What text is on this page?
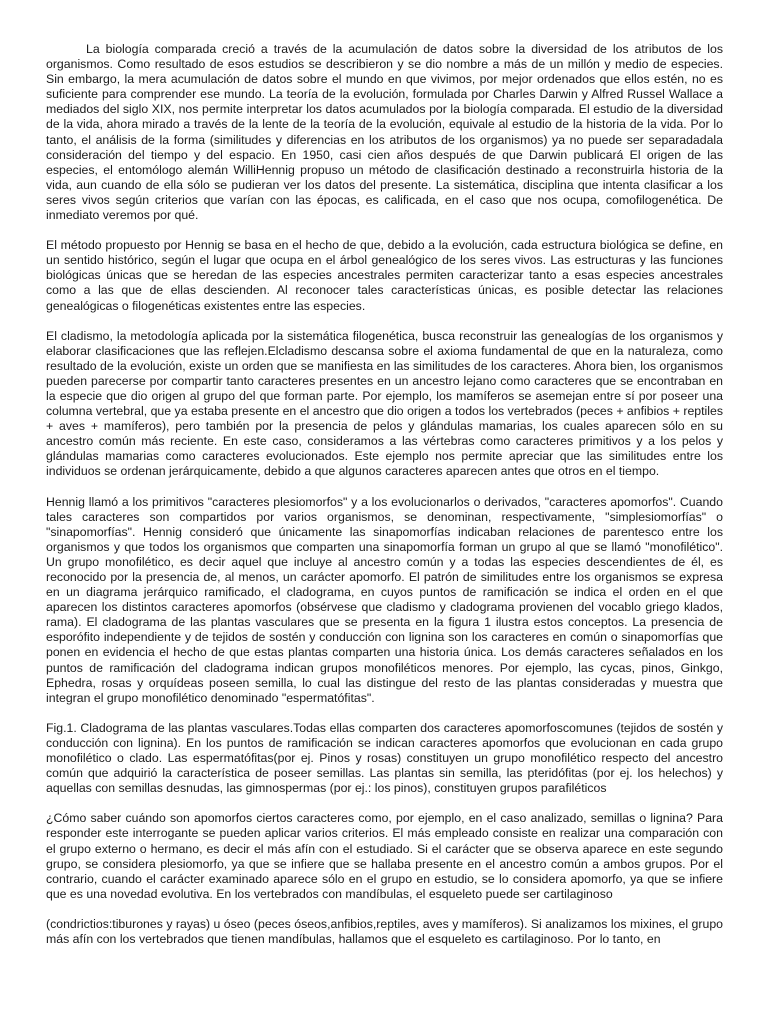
La biología comparada creció a través de la acumulación de datos sobre la diversidad de los atributos de los organismos. Como resultado de esos estudios se describieron y se dio nombre a más de un millón y medio de especies. Sin embargo, la mera acumulación de datos sobre el mundo en que vivimos, por mejor ordenados que ellos estén, no es suficiente para comprender ese mundo. La teoría de la evolución, formulada por Charles Darwin y Alfred Russel Wallace a mediados del siglo XIX, nos permite interpretar los datos acumulados por la biología comparada. El estudio de la diversidad de la vida, ahora mirado a través de la lente de la teoría de la evolución, equivale al estudio de la historia de la vida. Por lo tanto, el análisis de la forma (similitudes y diferencias en los atributos de los organismos) ya no puede ser separadadala consideración del tiempo y del espacio. En 1950, casi cien años después de que Darwin publicará El origen de las especies, el entomólogo alemán WilliHennig propuso un método de clasificación destinado a reconstruirla historia de la vida, aun cuando de ella sólo se pudieran ver los datos del presente. La sistemática, disciplina que intenta clasificar a los seres vivos según criterios que varían con las épocas, es calificada, en el caso que nos ocupa, comofilogenética. De inmediato veremos por qué.

El método propuesto por Hennig se basa en el hecho de que, debido a la evolución, cada estructura biológica se define, en un sentido histórico, según el lugar que ocupa en el árbol genealógico de los seres vivos. Las estructuras y las funciones biológicas únicas que se heredan de las especies ancestrales permiten caracterizar tanto a esas especies ancestrales como a las que de ellas descienden. Al reconocer tales características únicas, es posible detectar las relaciones genealógicas o filogenéticas existentes entre las especies.

El cladismo, la metodología aplicada por la sistemática filogenética, busca reconstruir las genealogías de los organismos y elaborar clasificaciones que las reflejen.Elcladismo descansa sobre el axioma fundamental de que en la naturaleza, como resultado de la evolución, existe un orden que se manifiesta en las similitudes de los caracteres. Ahora bien, los organismos pueden parecerse por compartir tanto caracteres presentes en un ancestro lejano como caracteres que se encontraban en la especie que dio origen al grupo del que forman parte. Por ejemplo, los mamíferos se asemejan entre sí por poseer una columna vertebral, que ya estaba presente en el ancestro que dio origen a todos los vertebrados (peces + anfibios + reptiles + aves + mamíferos), pero también por la presencia de pelos y glándulas mamarias, los cuales aparecen sólo en su ancestro común más reciente. En este caso, consideramos a las vértebras como caracteres primitivos y a los pelos y glándulas mamarias como caracteres evolucionados. Este ejemplo nos permite apreciar que las similitudes entre los individuos se ordenan jerárquicamente, debido a que algunos caracteres aparecen antes que otros en el tiempo.

Hennig llamó a los primitivos "caracteres plesiomorfos" y a los evolucionarlos o derivados, "caracteres apomorfos". Cuando tales caracteres son compartidos por varios organismos, se denominan, respectivamente, "simplesiomorfías" o "sinapomorfías". Hennig consideró que únicamente las sinapomorfías indicaban relaciones de parentesco entre los organismos y que todos los organismos que comparten una sinapomorfía forman un grupo al que se llamó "monofilético". Un grupo monofilético, es decir aquel que incluye al ancestro común y a todas las especies descendientes de él, es reconocido por la presencia de, al menos, un carácter apomorfo. El patrón de similitudes entre los organismos se expresa en un diagrama jerárquico ramificado, el cladograma, en cuyos puntos de ramificación se indica el orden en el que aparecen los distintos caracteres apomorfos (obsérvese que cladismo y cladograma provienen del vocablo griego klados, rama). El cladograma de las plantas vasculares que se presenta en la figura 1 ilustra estos conceptos. La presencia de esporófito independiente y de tejidos de sostén y conducción con lignina son los caracteres en común o sinapomorfías que ponen en evidencia el hecho de que estas plantas comparten una historia única. Los demás caracteres señalados en los puntos de ramificación del cladograma indican grupos monofiléticos menores. Por ejemplo, las cycas, pinos, Ginkgo, Ephedra, rosas y orquídeas poseen semilla, lo cual las distingue del resto de las plantas consideradas y muestra que integran el grupo monofilético denominado "espermatófitas".

Fig.1. Cladograma de las plantas vasculares.Todas ellas comparten dos caracteres apomorfoscomunes (tejidos de sostén y conducción con lignina). En los puntos de ramificación se indican caracteres apomorfos que evolucionan en cada grupo monofilético o clado. Las espermatófitas(por ej. Pinos y rosas) constituyen un grupo monofilético respecto del ancestro común que adquirió la característica de poseer semillas. Las plantas sin semilla, las pteridófitas (por ej. los helechos) y aquellas con semillas desnudas, las gimnospermas (por ej.: los pinos), constituyen grupos parafiléticos

¿Cómo saber cuándo son apomorfos ciertos caracteres como, por ejemplo, en el caso analizado, semillas o lignina? Para responder este interrogante se pueden aplicar varios criterios. El más empleado consiste en realizar una comparación con el grupo externo o hermano, es decir el más afín con el estudiado. Si el carácter que se observa aparece en este segundo grupo, se considera plesiomorfo, ya que se infiere que se hallaba presente en el ancestro común a ambos grupos. Por el contrario, cuando el carácter examinado aparece sólo en el grupo en estudio, se lo considera apomorfo, ya que se infiere que es una novedad evolutiva. En los vertebrados con mandíbulas, el esqueleto puede ser cartilaginoso

(condrictios:tiburones y rayas) u óseo (peces óseos,anfibios,reptiles, aves y mamíferos). Si analizamos los mixines, el grupo más afín con los vertebrados que tienen mandíbulas, hallamos que el esqueleto es cartilaginoso. Por lo tanto, en
